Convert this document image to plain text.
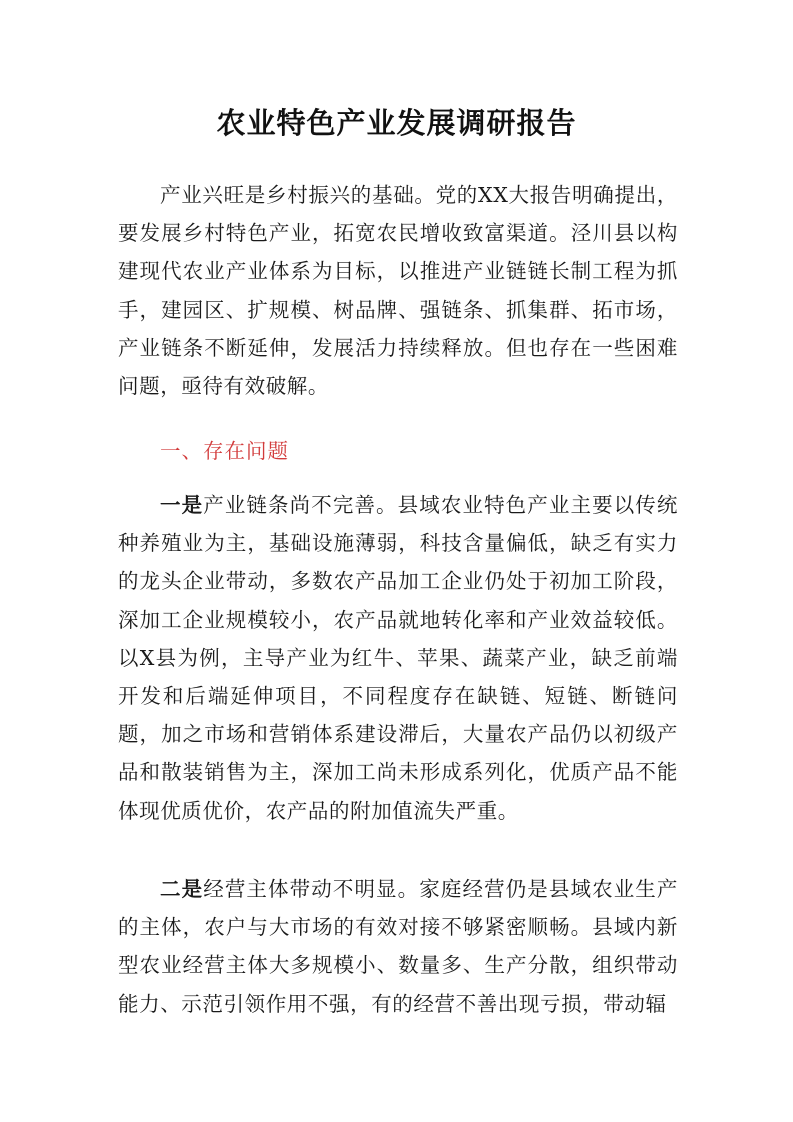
农业特色产业发展调研报告

产业兴旺是乡村振兴的基础。党的XX大报告明确提出，要发展乡村特色产业，拓宽农民增收致富渠道。泾川县以构建现代农业产业体系为目标，以推进产业链链长制工程为抓手，建园区、扩规模、树品牌、强链条、抓集群、拓市场，产业链条不断延伸，发展活力持续释放。但也存在一些困难问题，亟待有效破解。

一、存在问题

一是产业链条尚不完善。县域农业特色产业主要以传统种养殖业为主，基础设施薄弱，科技含量偏低，缺乏有实力的龙头企业带动，多数农产品加工企业仍处于初加工阶段，深加工企业规模较小，农产品就地转化率和产业效益较低。以X县为例，主导产业为红牛、苹果、蔬菜产业，缺乏前端开发和后端延伸项目，不同程度存在缺链、短链、断链问题，加之市场和营销体系建设滞后，大量农产品仍以初级产品和散装销售为主，深加工尚未形成系列化，优质产品不能体现优质优价，农产品的附加值流失严重。

二是经营主体带动不明显。家庭经营仍是县域农业生产的主体，农户与大市场的有效对接不够紧密顺畅。县域内新型农业经营主体大多规模小、数量多、生产分散，组织带动能力、示范引领作用不强，有的经营不善出现亏损，带动辐
